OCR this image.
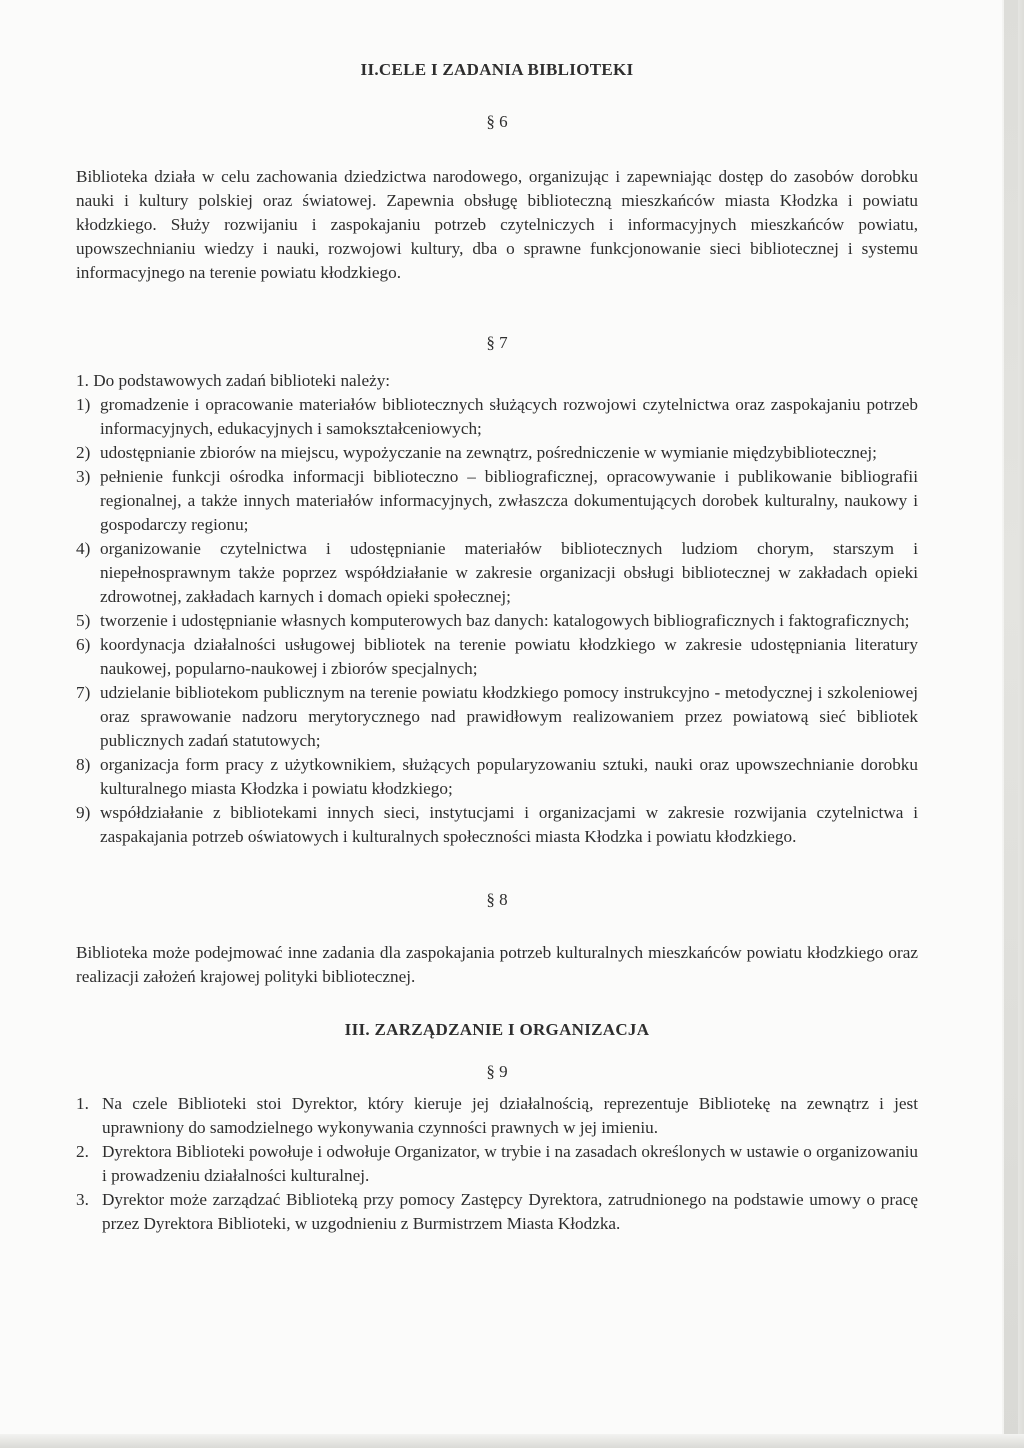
II.CELE I ZADANIA BIBLIOTEKI
§ 6

Biblioteka działa w celu zachowania dziedzictwa narodowego, organizując i zapewniając dostęp do zasobów dorobku nauki i kultury polskiej oraz światowej. Zapewnia obsługę biblioteczną mieszkańców miasta Kłodzka i powiatu kłodzkiego. Służy rozwijaniu i zaspokajaniu potrzeb czytelniczych i informacyjnych mieszkańców powiatu, upowszechnianiu wiedzy i nauki, rozwojowi kultury, dba o sprawne funkcjonowanie sieci bibliotecznej i systemu informacyjnego na terenie powiatu kłodzkiego.

§ 7
1. Do podstawowych zadań biblioteki należy:
1) gromadzenie i opracowanie materiałów bibliotecznych służących rozwojowi czytelnictwa oraz zaspokajaniu potrzeb informacyjnych, edukacyjnych i samokształceniowych;
2) udostępnianie zbiorów na miejscu, wypożyczanie na zewnątrz, pośredniczenie w wymianie międzybibliotecznej;
3) pełnienie funkcji ośrodka informacji biblioteczno – bibliograficznej, opracowywanie i publikowanie bibliografii regionalnej, a także innych materiałów informacyjnych, zwłaszcza dokumentujących dorobek kulturalny, naukowy i gospodarczy regionu;
4) organizowanie czytelnictwa i udostępnianie materiałów bibliotecznych ludziom chorym, starszym i niepełnosprawnym także poprzez współdziałanie w zakresie organizacji obsługi bibliotecznej w zakładach opieki zdrowotnej, zakładach karnych i domach opieki społecznej;
5) tworzenie i udostępnianie własnych komputerowych baz danych: katalogowych bibliograficznych i faktograficznych;
6) koordynacja działalności usługowej bibliotek na terenie powiatu kłodzkiego w zakresie udostępniania literatury naukowej, popularno-naukowej i zbiorów specjalnych;
7) udzielanie bibliotekom publicznym na terenie powiatu kłodzkiego pomocy instrukcyjno - metodycznej i szkoleniowej oraz sprawowanie nadzoru merytorycznego nad prawidłowym realizowaniem przez powiatową sieć bibliotek publicznych zadań statutowych;
8) organizacja form pracy z użytkownikiem, służących popularyzowaniu sztuki, nauki oraz upowszechnianie dorobku kulturalnego miasta Kłodzka i powiatu kłodzkiego;
9) współdziałanie z bibliotekami innych sieci, instytucjami i organizacjami w zakresie rozwijania czytelnictwa i zaspakajania potrzeb oświatowych i kulturalnych społeczności miasta Kłodzka i powiatu kłodzkiego.
§ 8

Biblioteka może podejmować inne zadania dla zaspokajania potrzeb kulturalnych mieszkańców powiatu kłodzkiego oraz realizacji założeń krajowej polityki bibliotecznej.

III. ZARZĄDZANIE I ORGANIZACJA
§ 9
1. Na czele Biblioteki stoi Dyrektor, który kieruje jej działalnością, reprezentuje Bibliotekę na zewnątrz i jest uprawniony do samodzielnego wykonywania czynności prawnych w jej imieniu.
2. Dyrektora Biblioteki powołuje i odwołuje Organizator, w trybie i na zasadach określonych w ustawie o organizowaniu i prowadzeniu działalności kulturalnej.
3. Dyrektor może zarządzać Biblioteką przy pomocy Zastępcy Dyrektora, zatrudnionego na podstawie umowy o pracę przez Dyrektora Biblioteki, w uzgodnieniu z Burmistrzem Miasta Kłodzka.
